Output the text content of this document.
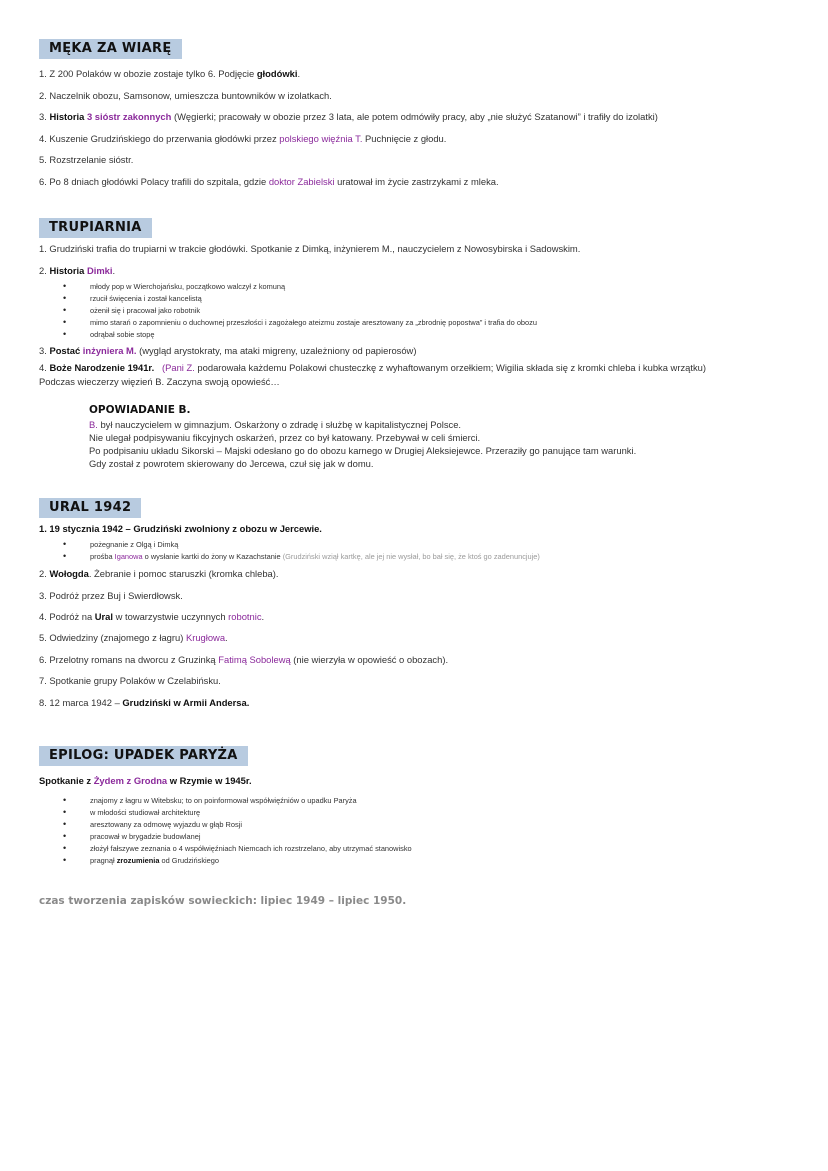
MĘKA ZA WIARĘ
1. Z 200 Polaków w obozie zostaje tylko 6. Podjęcie głodówki.
2. Naczelnik obozu, Samsonow, umieszcza buntowników w izolatkach.
3. Historia 3 sióstr zakonnych (Węgierki; pracowały w obozie przez 3 lata, ale potem odmówiły pracy, aby „nie służyć Szatanowi” i trafiły do izolatki)
4. Kuszenie Grudzińskiego do przerwania głodówki przez polskiego więźnia T. Puchnięcie z głodu.
5. Rozstrzelanie sióstr.
6. Po 8 dniach głodówki Polacy trafili do szpitala, gdzie doktor Zabielski uratował im życie zastrzykami z mleka.
TRUPIARNIA
1. Grudziński trafia do trupiarni w trakcie głodówki. Spotkanie z Dimką, inżynierem M., nauczycielem z Nowosybirska i Sadowskim.
2. Historia Dimki.
• młody pop w Wierchojańsku, początkowo walczył z komuną
• rzucił święcenia i został kancelistą
• ożenił się i pracował jako robotnik
• mimo starań o zapomnieniu o duchownej przeszłości i zagożałego ateizmu zostaje aresztowany za „zbrodnię popostwa” i trafia do obozu
• odrąbał sobie stopę
3. Postać inżyniera M. (wygląd arystokraty, ma ataki migreny, uzależniony od papierosów)
4. Boże Narodzenie 1941r. (Pani Z. podarowała każdemu Polakowi chusteczkę z wyhaftowanym orzełkiem; Wigilia składa się z kromki chleba i kubka wrzątku)
Podczas wieczerzy więzień B. Zaczyna swoją opowieść…
OPOWIADANIE B.
B. był nauczycielem w gimnazjum. Oskarżony o zdradę i służbę w kapitalistycznej Polsce.
Nie ulegał podpisywaniu fikcyjnych oskarżeń, przez co był katowany. Przebywał w celi śmierci.
Po podpisaniu układu Sikorski – Majski odesłano go do obozu karnego w Drugiej Aleksiejewce. Przeraziły go panujące tam warunki.
Gdy został z powrotem skierowany do Jercewa, czuł się jak w domu.
URAL 1942
1. 19 stycznia 1942 – Grudziński zwolniony z obozu w Jercewie.
• pożegnanie z Olgą i Dimką
• prośba Iganowa o wysłanie kartki do żony w Kazachstanie (Grudziński wziął kartkę, ale jej nie wysłał, bo bał się, że ktoś go zadenuncjuje)
2. Wołogda. Żebranie i pomoc staruszki (kromka chleba).
3. Podróż przez Buj i Swierdłowsk.
4. Podróż na Ural w towarzystwie uczynnych robotnic.
5. Odwiedziny (znajomego z łagru) Krugłowa.
6. Przelotny romans na dworcu z Gruzinką Fatimą Sobolewą (nie wierzyła w opowieść o obozach).
7. Spotkanie grupy Polaków w Czelabińsku.
8. 12 marca 1942 – Grudziński w Armii Andersa.
EPILOG: UPADEK PARYŻA
Spotkanie z Żydem z Grodna w Rzymie w 1945r.
• znajomy z łagru w Witebsku; to on poinformował współwięźniów o upadku Paryża
• w młodości studiował architekturę
• aresztowany za odmowę wyjazdu w głąb Rosji
• pracował w brygadzie budowlanej
• złożył fałszywe zeznania o 4 współwięźniach Niemcach ich rozstrzelano, aby utrzymać stanowisko
• pragnął zrozumienia od Grudzińskiego
czas tworzenia zapisków sowieckich: lipiec 1949 – lipiec 1950.
